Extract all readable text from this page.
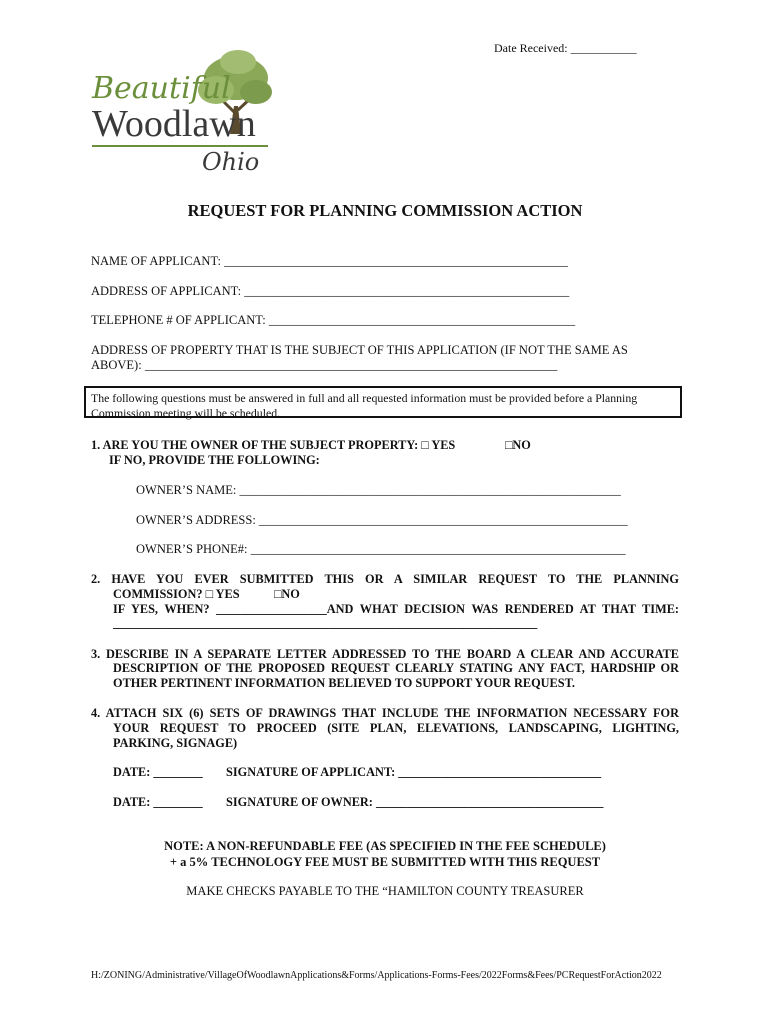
Date Received: ___________
Beautiful
Woodlawn
Ohio
REQUEST FOR PLANNING COMMISSION ACTION
NAME OF APPLICANT: _______________________________________________________
ADDRESS OF APPLICANT: ____________________________________________________
TELEPHONE # OF APPLICANT: _________________________________________________
ADDRESS OF PROPERTY THAT IS THE SUBJECT OF THIS APPLICATION (IF NOT THE SAME AS
ABOVE): __________________________________________________________________
The following questions must be answered in full and all requested information must be provided before a Planning Commission meeting will be scheduled.
1. ARE YOU THE OWNER OF THE SUBJECT PROPERTY: □ YES	□NO
IF NO, PROVIDE THE FOLLOWING:
OWNER’S NAME: _____________________________________________________________
OWNER’S ADDRESS: ___________________________________________________________
OWNER’S PHONE#: ____________________________________________________________
2. HAVE YOU EVER SUBMITTED THIS OR A SIMILAR REQUEST TO THE PLANNING
COMMISSION? □ YES	□NO
IF YES, WHEN? __________________AND WHAT DECISION WAS RENDERED AT THAT TIME:
_____________________________________________________________________
3. DESCRIBE IN A SEPARATE LETTER ADDRESSED TO THE BOARD A CLEAR AND ACCURATE
DESCRIPTION OF THE PROPOSED REQUEST CLEARLY STATING ANY FACT, HARDSHIP OR
OTHER PERTINENT INFORMATION BELIEVED TO SUPPORT YOUR REQUEST.
4. ATTACH SIX (6) SETS OF DRAWINGS THAT INCLUDE THE INFORMATION NECESSARY FOR
YOUR REQUEST TO PROCEED (SITE PLAN, ELEVATIONS, LANDSCAPING, LIGHTING,
PARKING, SIGNAGE)
DATE: ________ SIGNATURE OF APPLICANT: _________________________________
DATE: ________ SIGNATURE OF OWNER: _____________________________________
NOTE: A NON-REFUNDABLE FEE (AS SPECIFIED IN THE FEE SCHEDULE)
+ a 5% TECHNOLOGY FEE MUST BE SUBMITTED WITH THIS REQUEST
MAKE CHECKS PAYABLE TO THE “HAMILTON COUNTY TREASURER
H:/ZONING/Administrative/VillageOfWoodlawnApplications&Forms/Applications-Forms-Fees/2022Forms&Fees/PCRequestForAction2022
